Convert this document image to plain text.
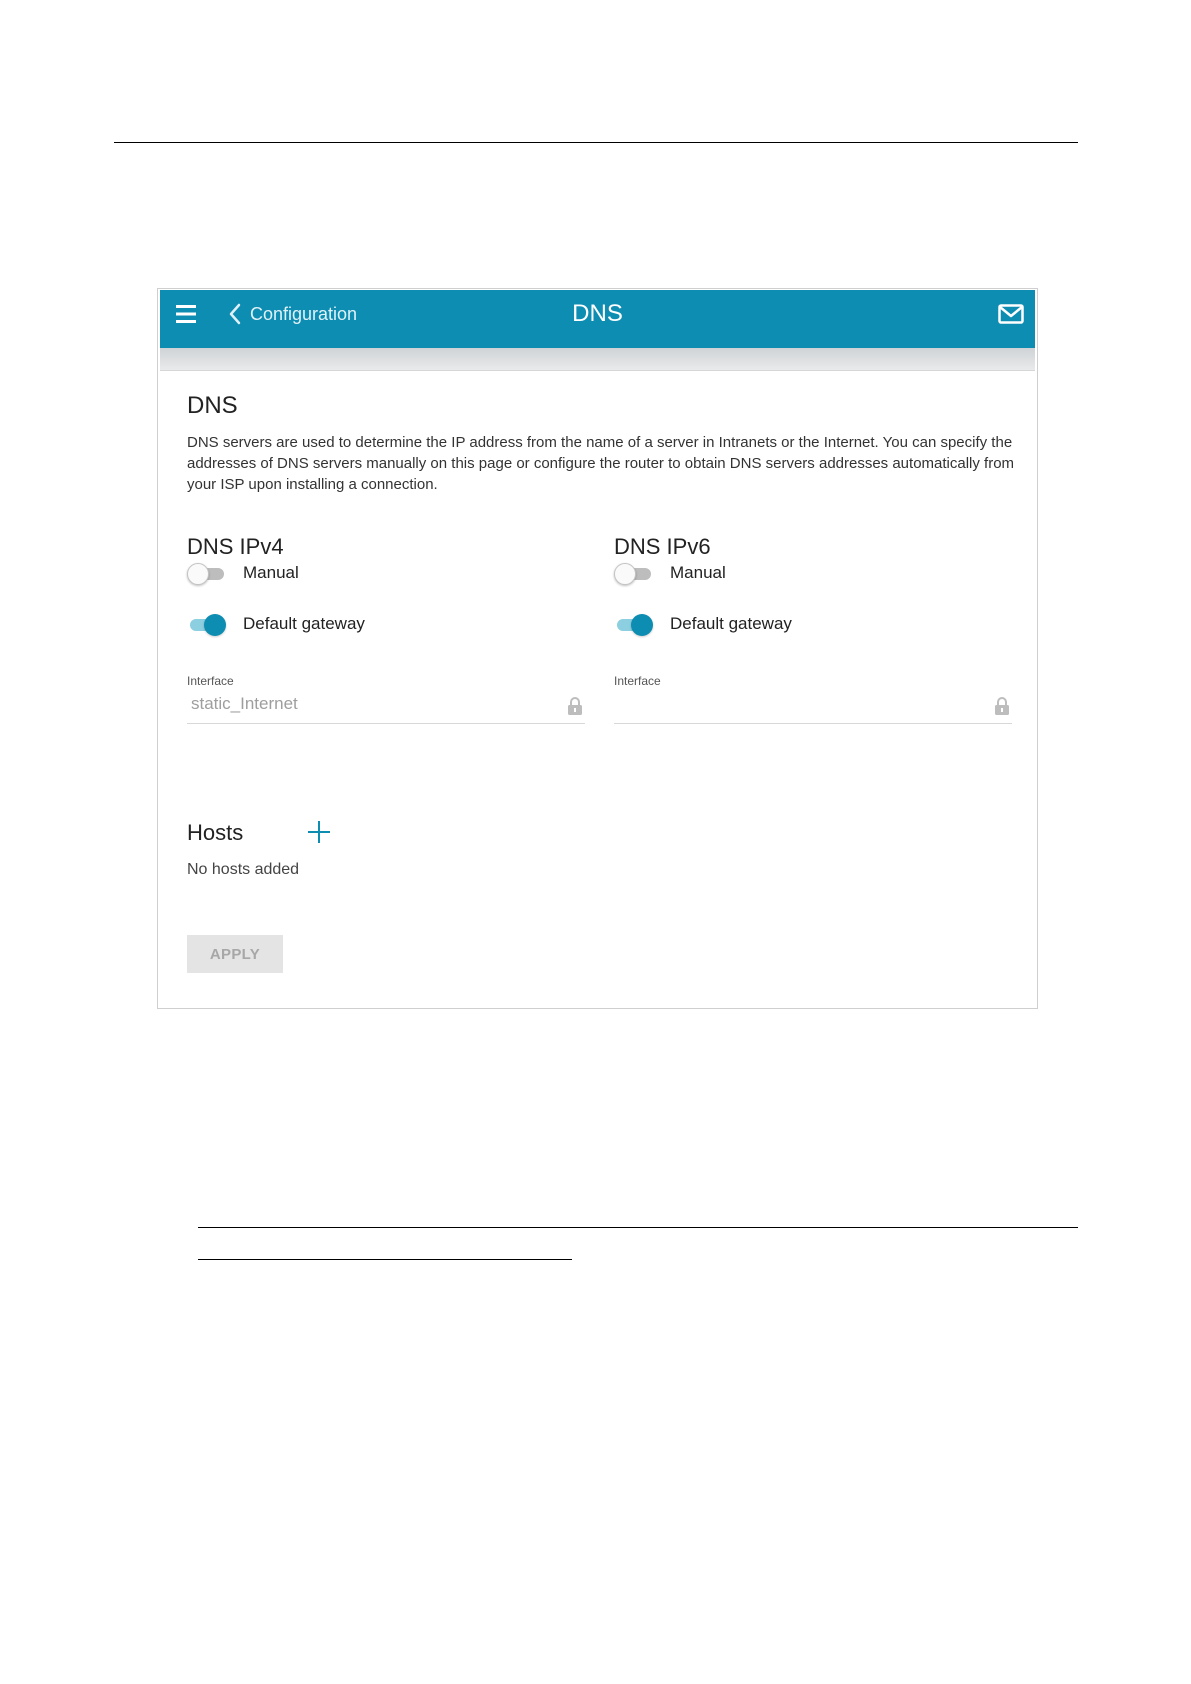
Configuration	DNS
DNS

DNS servers are used to determine the IP address from the name of a server in Intranets or the Internet. You can specify the addresses of DNS servers manually on this page or configure the router to obtain DNS servers addresses automatically from your ISP upon installing a connection.

DNS IPv4
Manual
Default gateway
Interface
static_Internet
DNS IPv6
Manual
Default gateway
Interface
Hosts
No hosts added
APPLY
